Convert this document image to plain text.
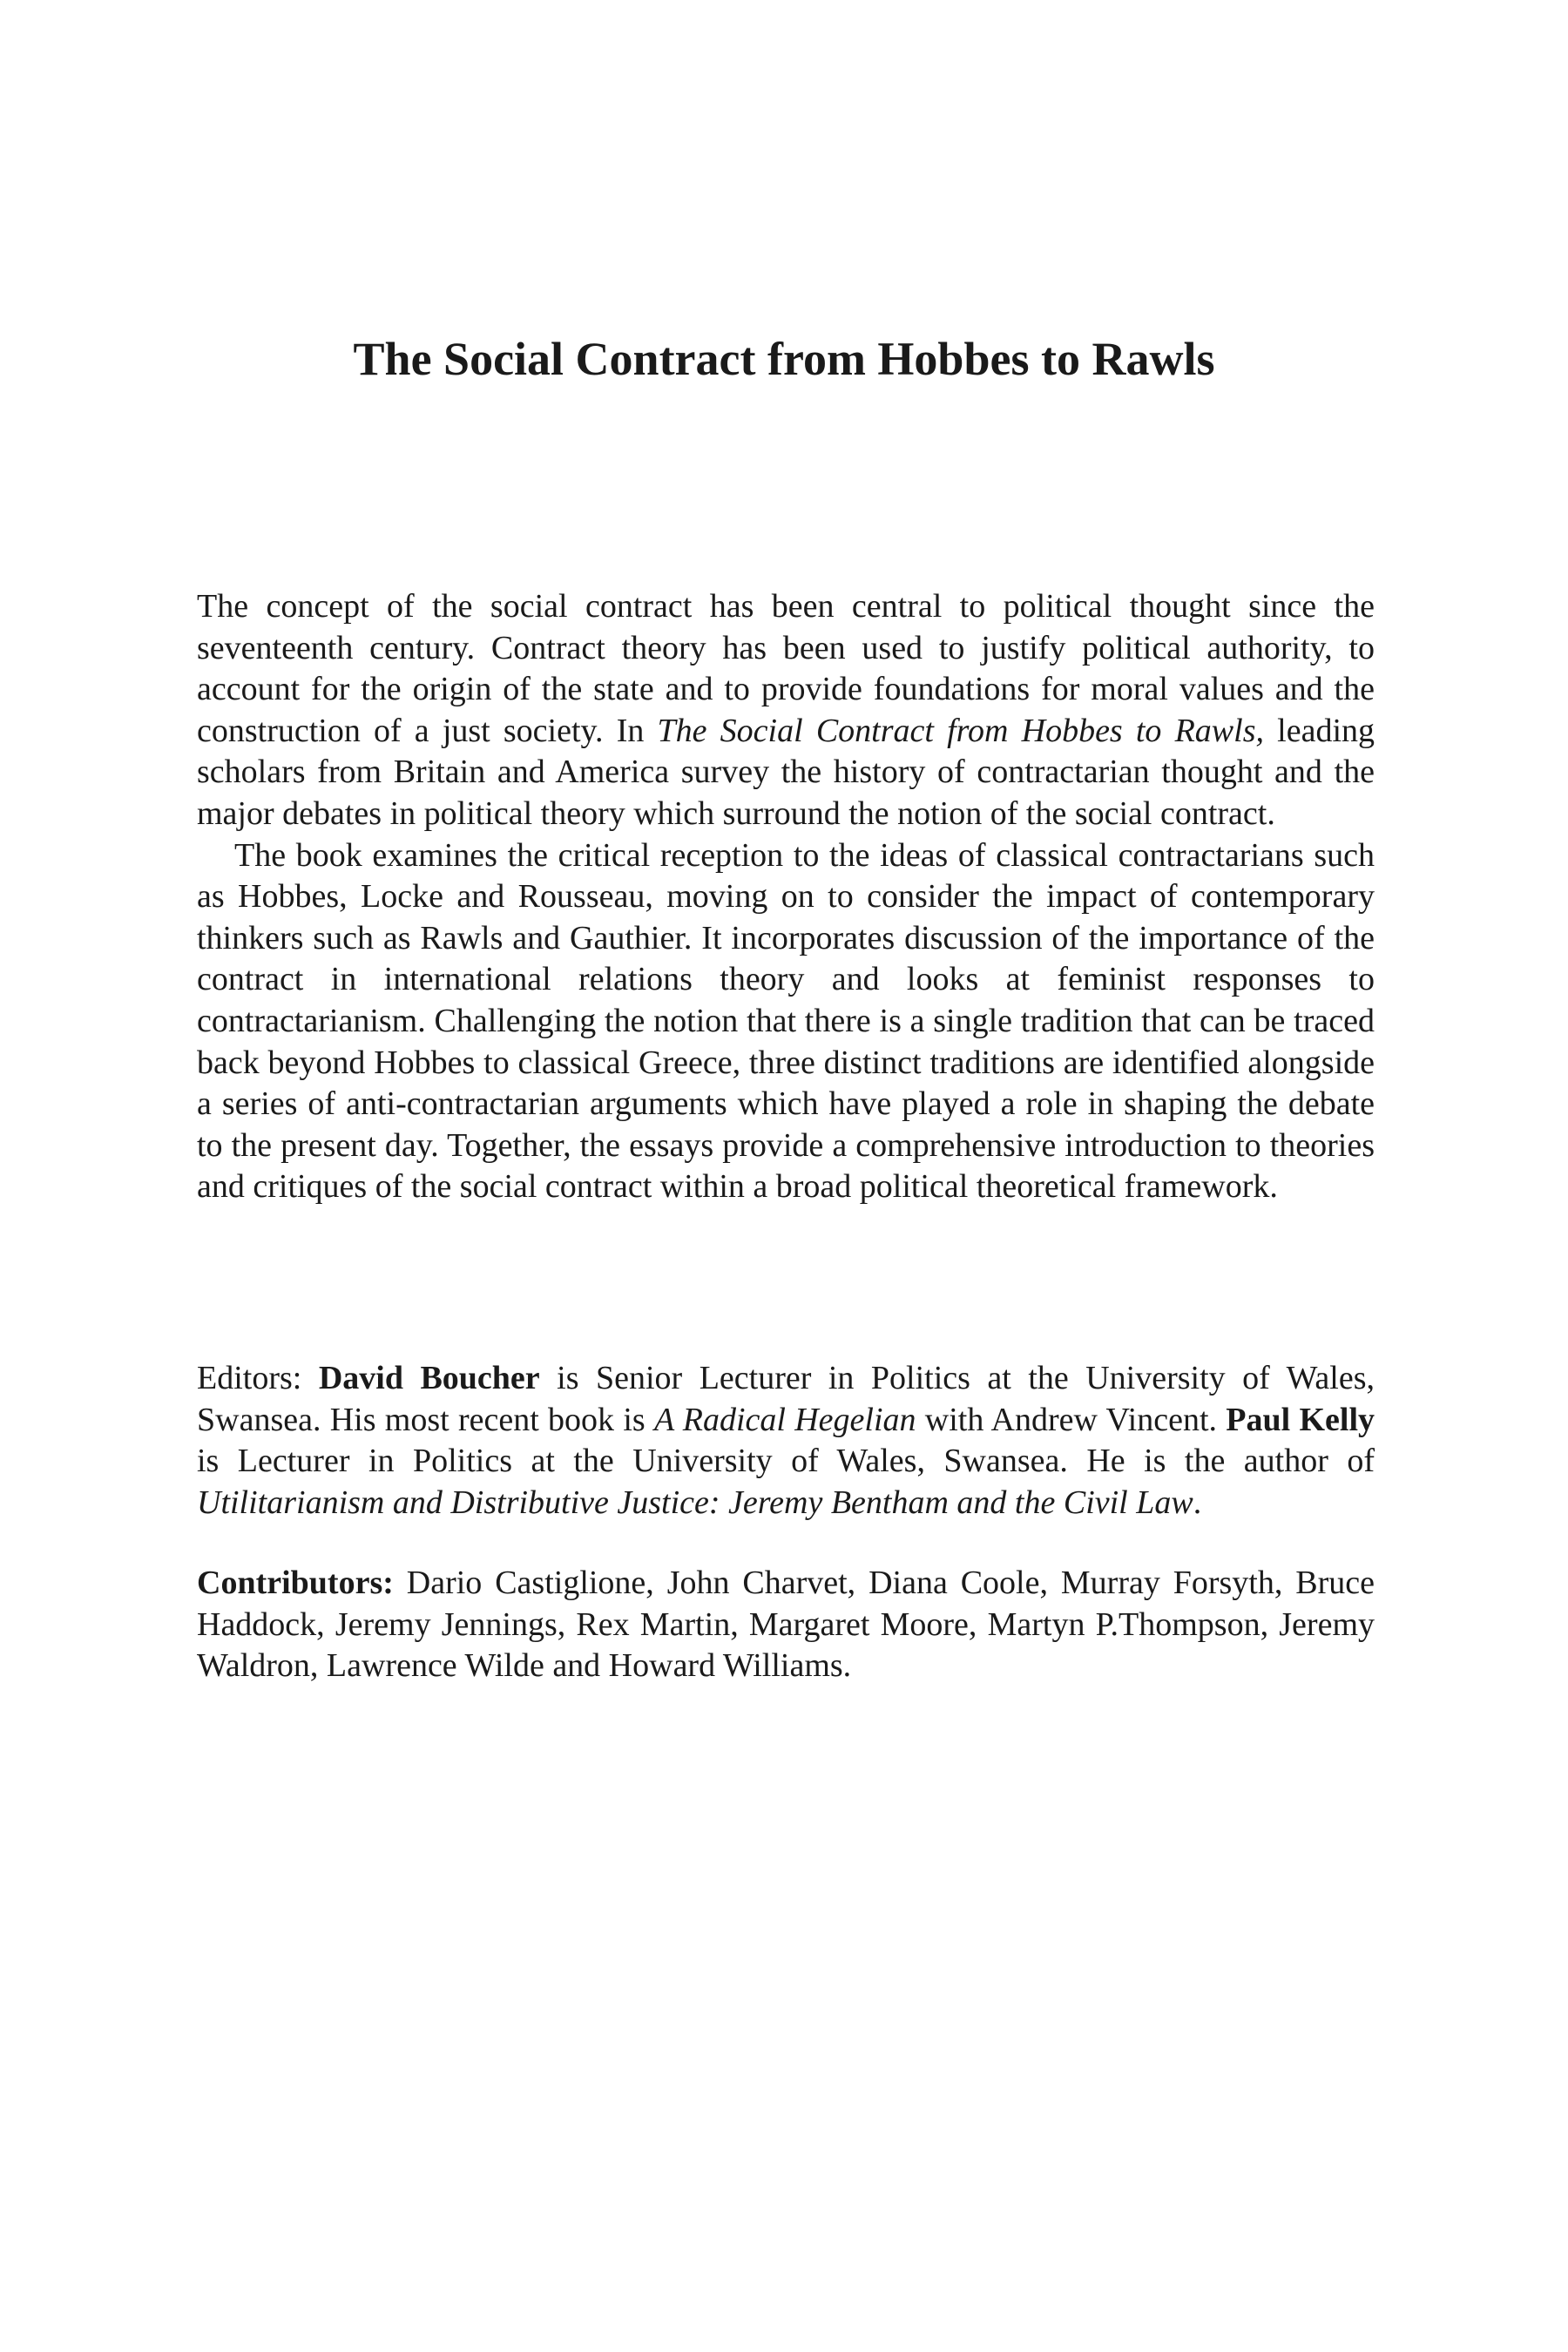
The Social Contract from Hobbes to Rawls

The concept of the social contract has been central to political thought since the seventeenth century. Contract theory has been used to justify political authority, to account for the origin of the state and to provide foundations for moral values and the construction of a just society. In The Social Contract from Hobbes to Rawls, leading scholars from Britain and America survey the history of contractarian thought and the major debates in political theory which surround the notion of the social contract.

The book examines the critical reception to the ideas of classical contractarians such as Hobbes, Locke and Rousseau, moving on to consider the impact of contemporary thinkers such as Rawls and Gauthier. It incorporates discussion of the importance of the contract in international relations theory and looks at feminist responses to contractarianism. Challenging the notion that there is a single tradition that can be traced back beyond Hobbes to classical Greece, three distinct traditions are identified alongside a series of anti-contractarian arguments which have played a role in shaping the debate to the present day. Together, the essays provide a comprehensive introduction to theories and critiques of the social contract within a broad political theoretical framework.

Editors: David Boucher is Senior Lecturer in Politics at the University of Wales, Swansea. His most recent book is A Radical Hegelian with Andrew Vincent. Paul Kelly is Lecturer in Politics at the University of Wales, Swansea. He is the author of Utilitarianism and Distributive Justice: Jeremy Bentham and the Civil Law.

Contributors: Dario Castiglione, John Charvet, Diana Coole, Murray Forsyth, Bruce Haddock, Jeremy Jennings, Rex Martin, Margaret Moore, Martyn P.Thompson, Jeremy Waldron, Lawrence Wilde and Howard Williams.
